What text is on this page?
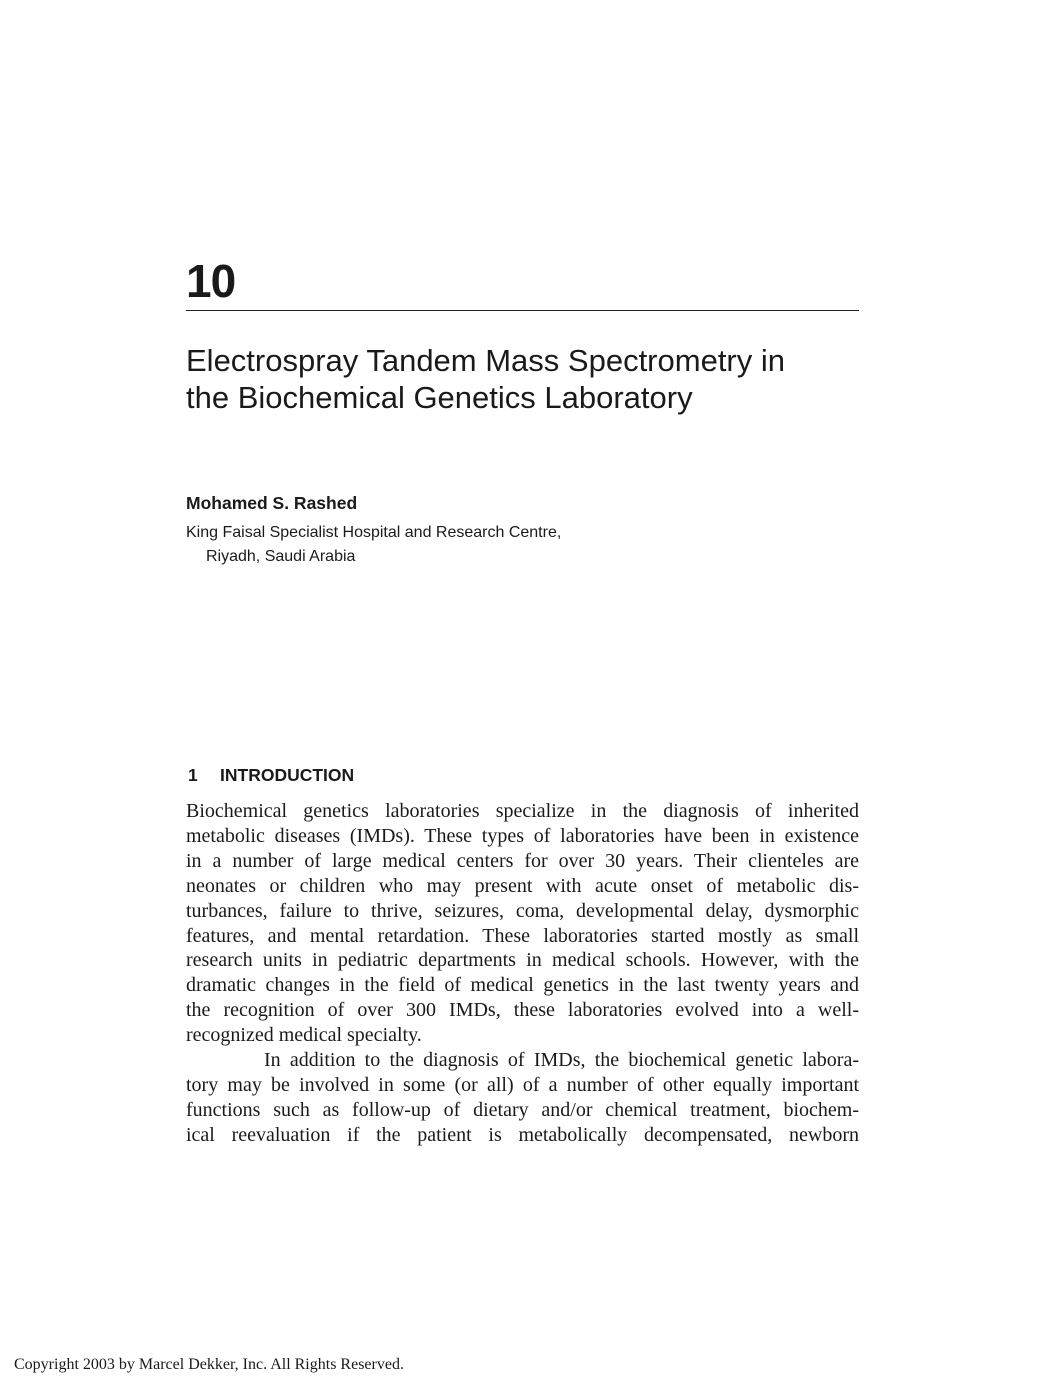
10
Electrospray Tandem Mass Spectrometry in
the Biochemical Genetics Laboratory
Mohamed S. Rashed
King Faisal Specialist Hospital and Research Centre,
Riyadh, Saudi Arabia
1 INTRODUCTION
Biochemical genetics laboratories specialize in the diagnosis of inherited
metabolic diseases (IMDs). These types of laboratories have been in existence
in a number of large medical centers for over 30 years. Their clienteles are
neonates or children who may present with acute onset of metabolic dis-
turbances, failure to thrive, seizures, coma, developmental delay, dysmorphic
features, and mental retardation. These laboratories started mostly as small
research units in pediatric departments in medical schools. However, with the
dramatic changes in the field of medical genetics in the last twenty years and
the recognition of over 300 IMDs, these laboratories evolved into a well-
recognized medical specialty.
In addition to the diagnosis of IMDs, the biochemical genetic labora-
tory may be involved in some (or all) of a number of other equally important
functions such as follow-up of dietary and/or chemical treatment, biochem-
ical reevaluation if the patient is metabolically decompensated, newborn
Copyright 2003 by Marcel Dekker, Inc. All Rights Reserved.
